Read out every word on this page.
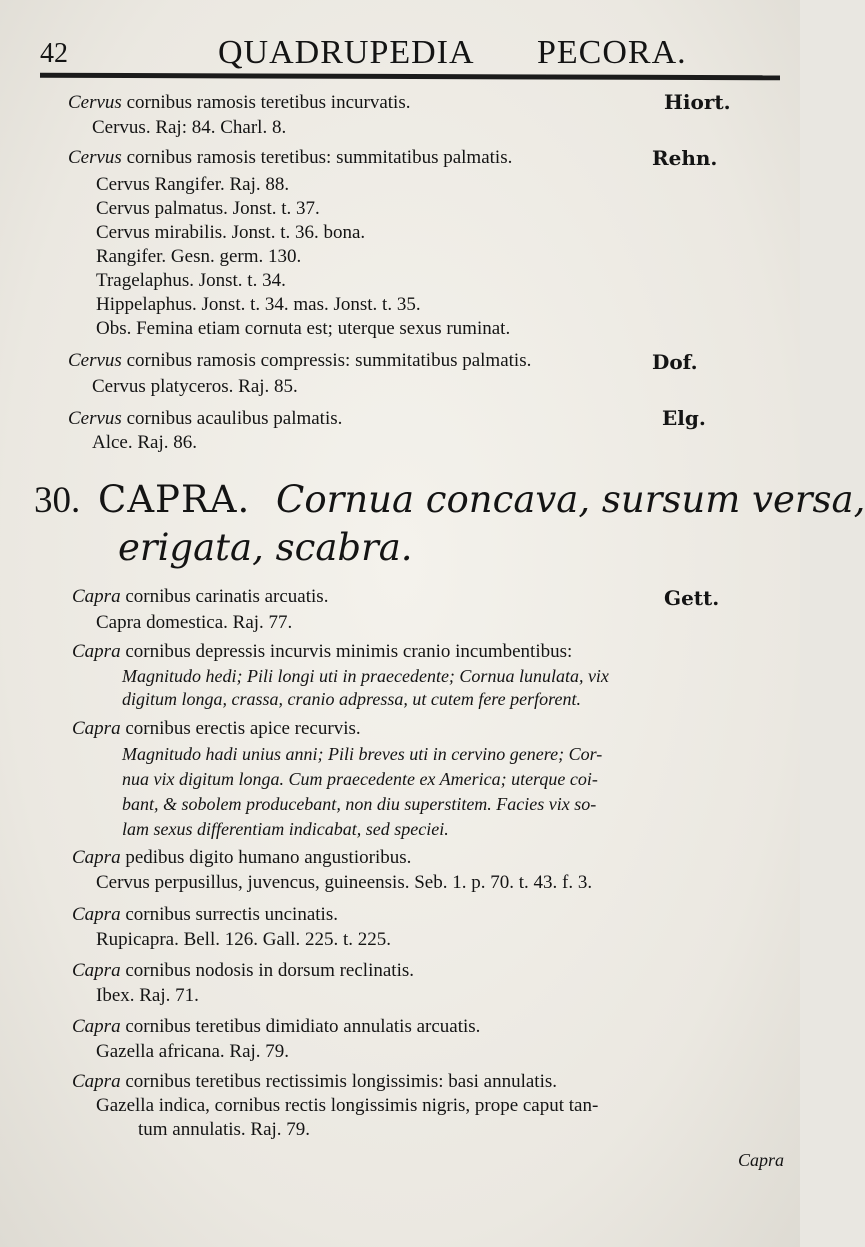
42	QUADRUPEDIA PECORA.
Cervus cornibus ramosis teretibus incurvatis.	Hiort.
Cervus. Raj: 84. Charl. 8.
Cervus cornibus ramosis teretibus: summitatibus palmatis.	Rehn.
Cervus Rangifer. Raj. 88.
Cervus palmatus. Jonst. t. 37.
Cervus mirabilis. Jonst. t. 36. bona.
Rangifer. Gesn. germ. 130.
Tragelaphus. Jonst. t. 34.
Hippelaphus. Jonst. t. 34. mas. Jonst. t. 35.
Obs. Femina etiam cornuta est; uterque sexus ruminat.
Cervus cornibus ramosis compressis: summitatibus palmatis.	Dof.
Cervus platyceros. Raj. 85.
Cervus cornibus acaulibus palmatis.	Elg.
Alce. Raj. 86.
30. CAPRA. Cornua concava, sursum versa,
erigata, scabra.
Capra cornibus carinatis arcuatis.	Gett.
Capra domestica. Raj. 77.
Capra cornibus depressis incurvis minimis cranio incumbentibus:
Magnitudo hedi; Pili longi uti in praecedente; Cornua lunulata, vix
digitum longa, crassa, cranio adpressa, ut cutem fere perforent.
Capra cornibus erectis apice recurvis.
Magnitudo hadi unius anni; Pili breves uti in cervino genere; Cor-
nua vix digitum longa. Cum praecedente ex America; uterque coi-
bant, & sobolem producebant, non diu superstitem. Facies vix so-
lam sexus differentiam indicabat, sed speciei.
Capra pedibus digito humano angustioribus.
Cervus perpusillus, juvencus, guineensis. Seb. 1. p. 70. t. 43. f. 3.
Capra cornibus surrectis uncinatis.
Rupicapra. Bell. 126. Gall. 225. t. 225.
Capra cornibus nodosis in dorsum reclinatis.
Ibex. Raj. 71.
Capra cornibus teretibus dimidiato annulatis arcuatis.
Gazella africana. Raj. 79.
Capra cornibus teretibus rectissimis longissimis: basi annulatis.
Gazella indica, cornibus rectis longissimis nigris, prope caput tan-
tum annulatis. Raj. 79.
Capra
